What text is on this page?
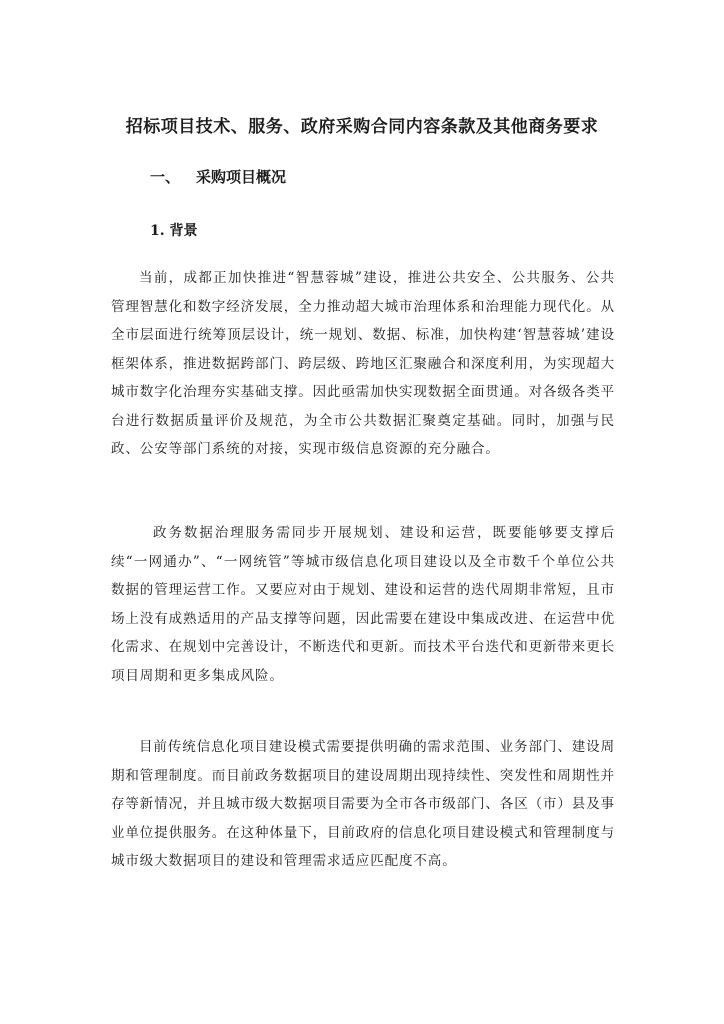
招标项目技术、服务、政府采购合同内容条款及其他商务要求
一、 采购项目概况
1. 背景

当前，成都正加快推进“智慧蓉城”建设，推进公共安全、公共服务、公共管理智慧化和数字经济发展，全力推动超大城市治理体系和治理能力现代化。从全市层面进行统筹顶层设计，统一规划、数据、标准，加快构建‘智慧蓉城’建设框架体系，推进数据跨部门、跨层级、跨地区汇聚融合和深度利用，为实现超大城市数字化治理夯实基础支撑。因此亟需加快实现数据全面贯通。对各级各类平台进行数据质量评价及规范，为全市公共数据汇聚奠定基础。同时，加强与民政、公安等部门系统的对接，实现市级信息资源的充分融合。

政务数据治理服务需同步开展规划、建设和运营，既要能够要支撑后续“一网通办”、“一网统管”等城市级信息化项目建设以及全市数千个单位公共数据的管理运营工作。又要应对由于规划、建设和运营的迭代周期非常短，且市场上没有成熟适用的产品支撑等问题，因此需要在建设中集成改进、在运营中优化需求、在规划中完善设计，不断迭代和更新。而技术平台迭代和更新带来更长项目周期和更多集成风险。

目前传统信息化项目建设模式需要提供明确的需求范围、业务部门、建设周期和管理制度。而目前政务数据项目的建设周期出现持续性、突发性和周期性并存等新情况，并且城市级大数据项目需要为全市各市级部门、各区（市）县及事业单位提供服务。在这种体量下，目前政府的信息化项目建设模式和管理制度与城市级大数据项目的建设和管理需求适应匹配度不高。
